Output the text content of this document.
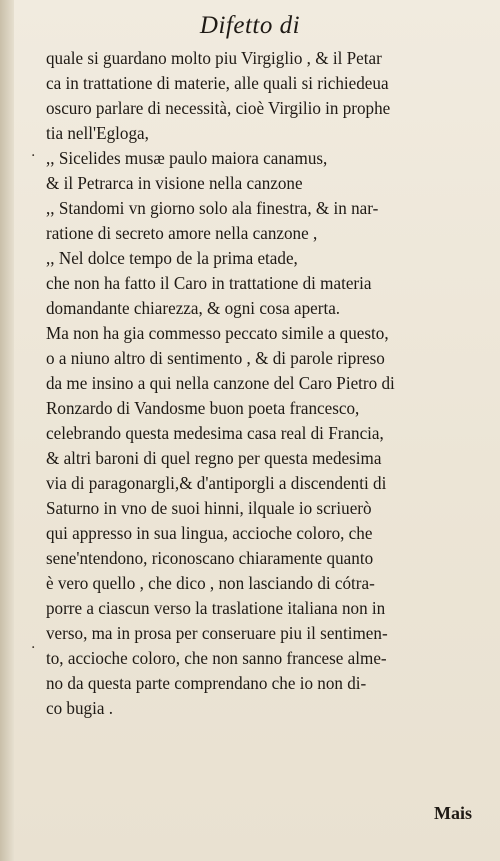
Difetto di
·
·
quale si guardano molto piu Virgiglio , & il Petar
ca in trattatione di materie, alle quali si richiedeua
oscuro parlare di necessità, cioè Virgilio in prophe
tia nell'Egloga,
,, Sicelides musæ paulo maiora canamus,
& il Petrarca in visione nella canzone
,, Standomi vn giorno solo ala finestra, & in nar-
ratione di secreto amore nella canzone ,
,, Nel dolce tempo de la prima etade,
che non ha fatto il Caro in trattatione di materia
domandante chiarezza, & ogni cosa aperta.
Ma non ha gia commesso peccato simile a questo,
o a niuno altro di sentimento , & di parole ripreso
da me insino a qui nella canzone del Caro Pietro di
Ronzardo di Vandosme buon poeta francesco,
celebrando questa medesima casa real di Francia,
& altri baroni di quel regno per questa medesima
via di paragonargli,& d'antiporgli a discendenti di
Saturno in vno de suoi hinni, ilquale io scriuerò
qui appresso in sua lingua, accioche coloro, che
sene'ntendono, riconoscano chiaramente quanto
è vero quello , che dico , non lasciando di cótra-
porre a ciascun verso la traslatione italiana non in
verso, ma in prosa per conseruare piu il sentimen-
to, accioche coloro, che non sanno francese alme-
no da questa parte comprendano che io non di-
co bugia .
Mais
